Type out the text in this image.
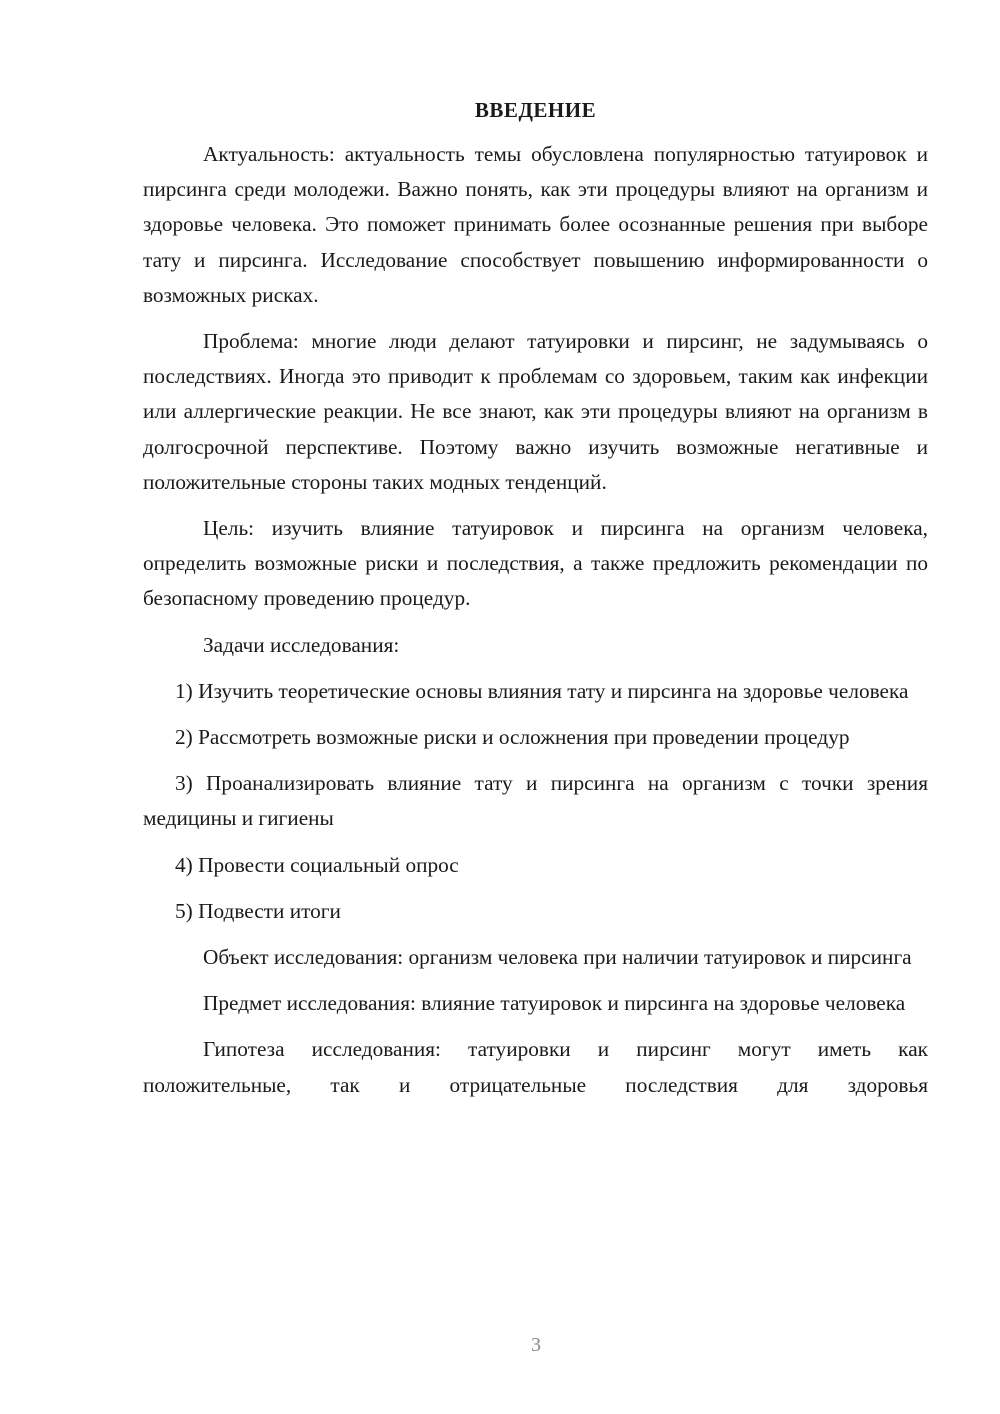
ВВЕДЕНИЕ

Актуальность: актуальность темы обусловлена популярностью татуировок и пирсинга среди молодежи. Важно понять, как эти процедуры влияют на организм и здоровье человека. Это поможет принимать более осознанные решения при выборе тату и пирсинга. Исследование способствует повышению информированности о возможных рисках.

Проблема: многие люди делают татуировки и пирсинг, не задумываясь о последствиях. Иногда это приводит к проблемам со здоровьем, таким как инфекции или аллергические реакции. Не все знают, как эти процедуры влияют на организм в долгосрочной перспективе. Поэтому важно изучить возможные негативные и положительные стороны таких модных тенденций.

Цель: изучить влияние татуировок и пирсинга на организм человека, определить возможные риски и последствия, а также предложить рекомендации по безопасному проведению процедур.

Задачи исследования:

1) Изучить теоретические основы влияния тату и пирсинга на здоровье человека

2) Рассмотреть возможные риски и осложнения при проведении процедур

3) Проанализировать влияние тату и пирсинга на организм с точки зрения медицины и гигиены

4) Провести социальный опрос

5) Подвести итоги

Объект исследования: организм человека при наличии татуировок и пирсинга

Предмет исследования: влияние татуировок и пирсинга на здоровье человека

Гипотеза исследования: татуировки и пирсинг могут иметь как положительные, так и отрицательные последствия для здоровья

3
